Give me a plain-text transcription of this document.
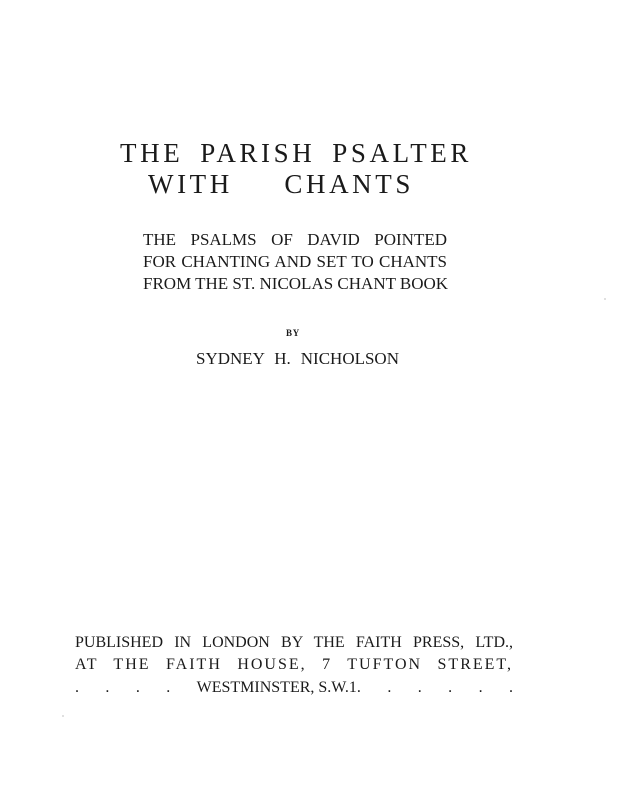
THE PARISH PSALTER
WITH CHANTS
THE PSALMS OF DAVID POINTED
FOR CHANTING AND SET TO CHANTS
FROM THE ST. NICOLAS CHANT BOOK
BY
SYDNEY H. NICHOLSON
PUBLISHED IN LONDON BY THE FAITH PRESS, LTD.,
AT THE FAITH HOUSE, 7 TUFTON STREET,
. . . . WESTMINSTER, S.W.1. . . . . .
